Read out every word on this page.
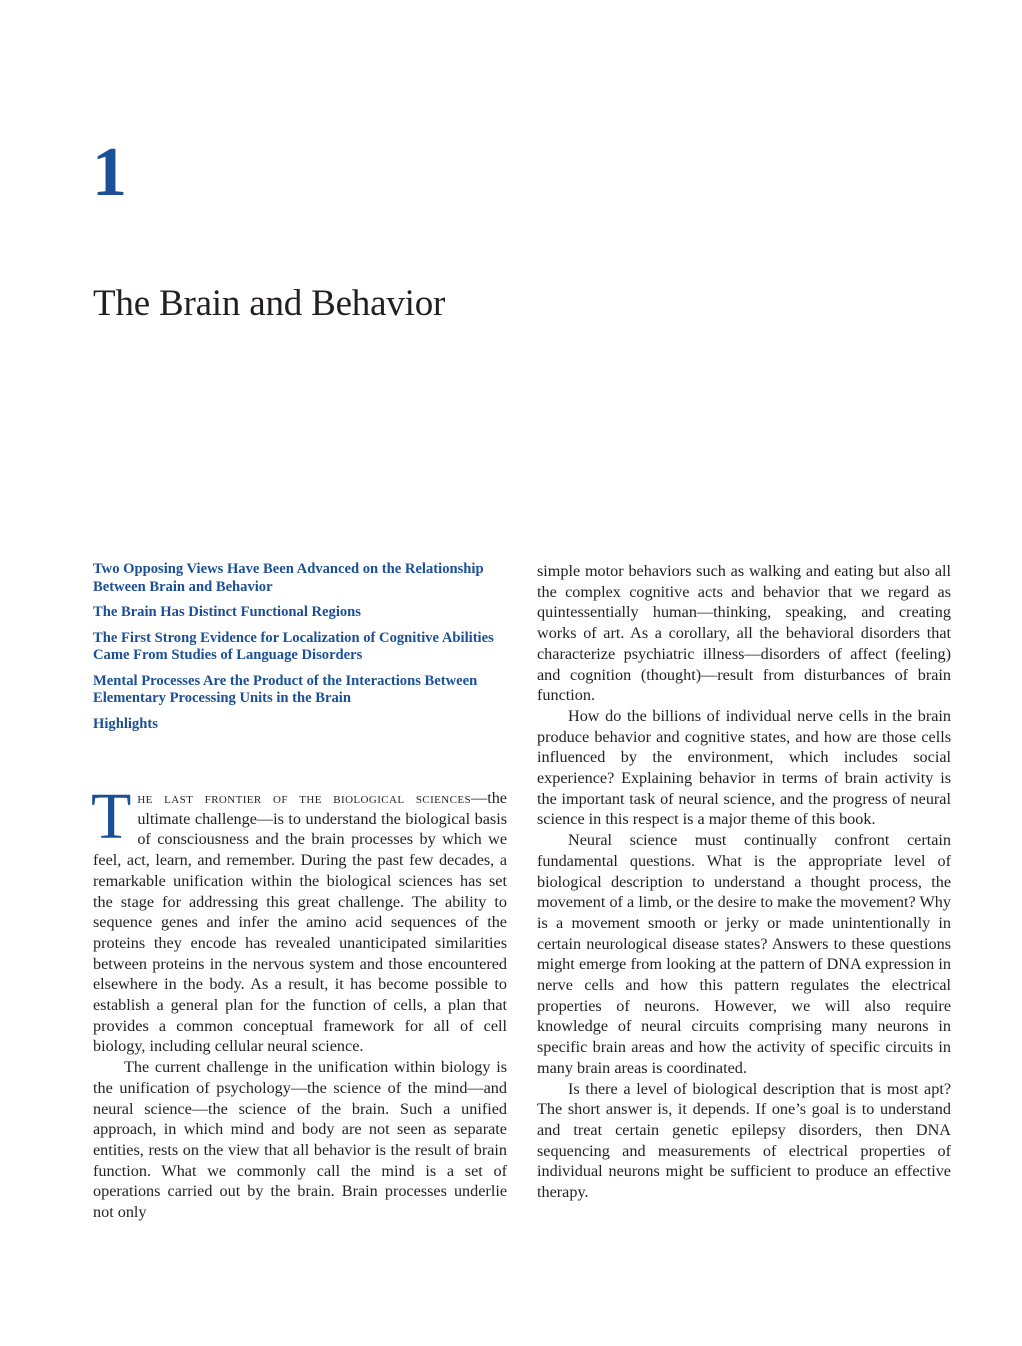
1
The Brain and Behavior
Two Opposing Views Have Been Advanced on the Relationship Between Brain and Behavior
The Brain Has Distinct Functional Regions
The First Strong Evidence for Localization of Cognitive Abilities Came From Studies of Language Disorders
Mental Processes Are the Product of the Interactions Between Elementary Processing Units in the Brain
Highlights

The last frontier of the biological sciences—the ultimate challenge—is to understand the biological basis of consciousness and the brain processes by which we feel, act, learn, and remember. During the past few decades, a remarkable unification within the biological sciences has set the stage for addressing this great challenge. The ability to sequence genes and infer the amino acid sequences of the proteins they encode has revealed unanticipated similarities between proteins in the nervous system and those encountered elsewhere in the body. As a result, it has become possible to establish a general plan for the function of cells, a plan that provides a common conceptual framework for all of cell biology, including cellular neural science.

The current challenge in the unification within biology is the unification of psychology—the science of the mind—and neural science—the science of the brain. Such a unified approach, in which mind and body are not seen as separate entities, rests on the view that all behavior is the result of brain function. What we commonly call the mind is a set of operations carried out by the brain. Brain processes underlie not only

simple motor behaviors such as walking and eating but also all the complex cognitive acts and behavior that we regard as quintessentially human—thinking, speaking, and creating works of art. As a corollary, all the behavioral disorders that characterize psychiatric illness—disorders of affect (feeling) and cognition (thought)—result from disturbances of brain function.

How do the billions of individual nerve cells in the brain produce behavior and cognitive states, and how are those cells influenced by the environment, which includes social experience? Explaining behavior in terms of brain activity is the important task of neural science, and the progress of neural science in this respect is a major theme of this book.

Neural science must continually confront certain fundamental questions. What is the appropriate level of biological description to understand a thought process, the movement of a limb, or the desire to make the movement? Why is a movement smooth or jerky or made unintentionally in certain neurological disease states? Answers to these questions might emerge from looking at the pattern of DNA expression in nerve cells and how this pattern regulates the electrical properties of neurons. However, we will also require knowledge of neural circuits comprising many neurons in specific brain areas and how the activity of specific circuits in many brain areas is coordinated.

Is there a level of biological description that is most apt? The short answer is, it depends. If one’s goal is to understand and treat certain genetic epilepsy disorders, then DNA sequencing and measurements of electrical properties of individual neurons might be sufficient to produce an effective therapy.
